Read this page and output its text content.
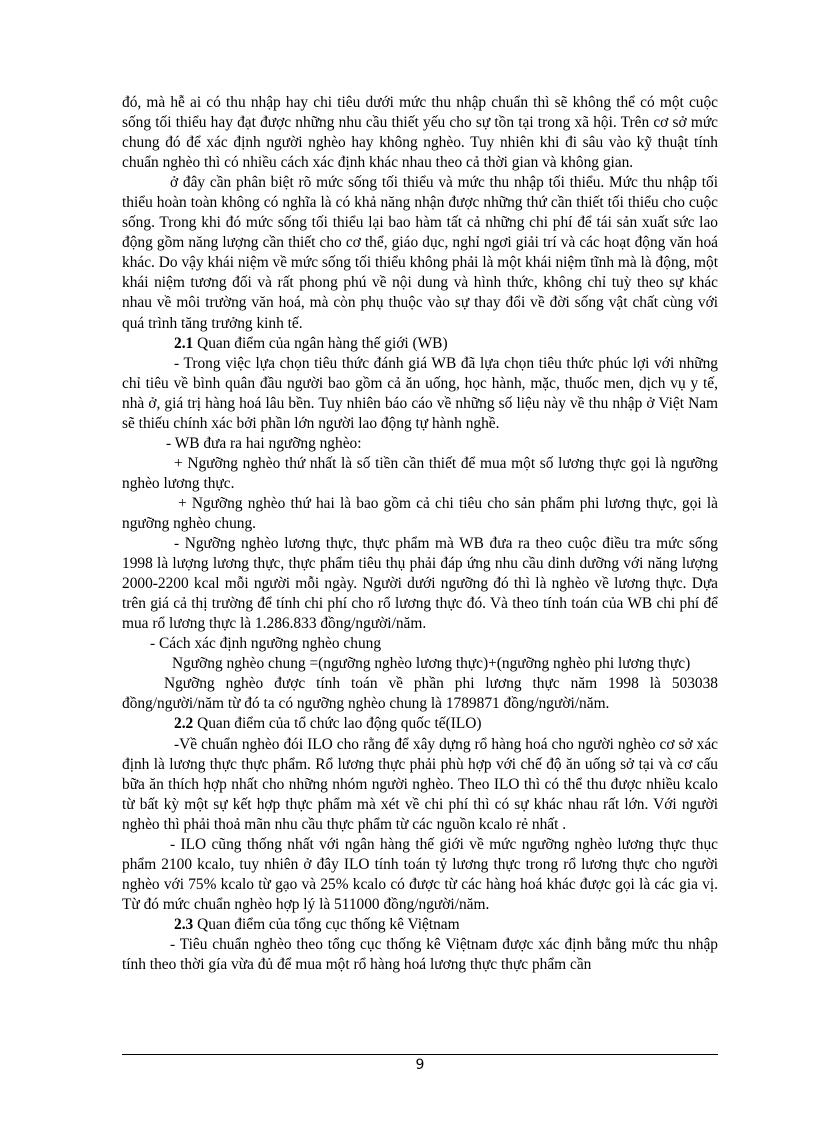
đó, mà hễ ai có thu nhập hay chi tiêu dưới mức thu nhập chuẩn thì sẽ không thể có một cuộc sống tối thiểu hay đạt được những nhu cầu thiết yếu cho sự tồn tại trong xã hội. Trên cơ sở mức chung đó để xác định người nghèo hay không nghèo. Tuy nhiên khi đi sâu vào kỹ thuật tính chuẩn nghèo thì có nhiều cách xác định khác nhau theo cả thời gian và không gian.

ở đây cần phân biệt rõ mức sống tối thiểu và mức thu nhập tối thiểu. Mức thu nhập tối thiểu hoàn toàn không có nghĩa là có khả năng nhận được những thứ cần thiết tối thiểu cho cuộc sống. Trong khi đó mức sống tối thiểu lại bao hàm tất cả những chi phí để tái sản xuất sức lao động gồm năng lượng cần thiết cho cơ thể, giáo dục, nghỉ ngơi giải trí và các hoạt động văn hoá khác. Do vậy khái niệm về mức sống tối thiểu không phải là một khái niệm tĩnh mà là động, một khái niệm tương đối và rất phong phú về nội dung và hình thức, không chỉ tuỳ theo sự khác nhau về môi trường văn hoá, mà còn phụ thuộc vào sự thay đổi về đời sống vật chất cùng với quá trình tăng trưởng kinh tế.

2.1 Quan điểm của ngân hàng thế giới (WB)

- Trong việc lựa chọn tiêu thức đánh giá WB đã lựa chọn tiêu thức phúc lợi với những chỉ tiêu về bình quân đầu người bao gồm cả ăn uống, học hành, mặc, thuốc men, dịch vụ y tế, nhà ở, giá trị hàng hoá lâu bền. Tuy nhiên báo cáo về những số liệu này về thu nhập ở Việt Nam sẽ thiếu chính xác bởi phần lớn người lao động tự hành nghề.

- WB đưa ra hai ngưỡng nghèo:

+ Ngưỡng nghèo thứ nhất là số tiền cần thiết để mua một số lương thực gọi là ngưỡng nghèo lương thực.

+ Ngưỡng nghèo thứ hai là bao gồm cả chi tiêu cho sản phẩm phi lương thực, gọi là ngưỡng nghèo chung.

- Ngưỡng nghèo lương thực, thực phẩm mà WB đưa ra theo cuộc điều tra mức sống 1998 là lượng lương thực, thực phẩm tiêu thụ phải đáp ứng nhu cầu dinh dưỡng với năng lượng 2000-2200 kcal mỗi người mỗi ngày. Người dưới ngưỡng đó thì là nghèo về lương thực. Dựa trên giá cả thị trường để tính chi phí cho rổ lương thực đó. Và theo tính toán của WB chi phí để mua rổ lương thực là 1.286.833 đồng/người/năm.

- Cách xác định ngưỡng nghèo chung

Ngưỡng nghèo chung =(ngưỡng nghèo lương thực)+(ngưỡng nghèo phi lương thực)

Ngưỡng nghèo được tính toán về phần phi lương thực năm 1998 là 503038 đồng/người/năm từ đó ta có ngưỡng nghèo chung là 1789871 đồng/người/năm.

2.2 Quan điểm của tổ chức lao động quốc tế(ILO)

-Về chuẩn nghèo đói ILO cho rằng để xây dựng rổ hàng hoá cho người nghèo cơ sở xác định là lương thực thực phẩm. Rổ lương thực phải phù hợp với chế độ ăn uống sở tại và cơ cấu bữa ăn thích hợp nhất cho những nhóm người nghèo. Theo ILO thì có thể thu được nhiều kcalo từ bất kỳ một sự kết hợp thực phẩm mà xét về chi phí thì có sự khác nhau rất lớn. Với người nghèo thì phải thoả mãn nhu cầu thực phẩm từ các nguồn kcalo rẻ nhất .

- ILO cũng thống nhất với ngân hàng thế giới về mức ngưỡng nghèo lương thực thục phẩm 2100 kcalo, tuy nhiên ở đây ILO tính toán tỷ lương thực trong rổ lương thực cho người nghèo với 75% kcalo từ gạo và 25% kcalo có được từ các hàng hoá khác được gọi là các gia vị. Từ đó mức chuẩn nghèo hợp lý là 511000 đồng/người/năm.

2.3 Quan điểm của tổng cục thống kê Việtnam

- Tiêu chuẩn nghèo theo tổng cục thống kê Việtnam được xác định bằng mức thu nhập tính theo thời gía vừa đủ để mua một rổ hàng hoá lương thực thực phẩm cần

9
